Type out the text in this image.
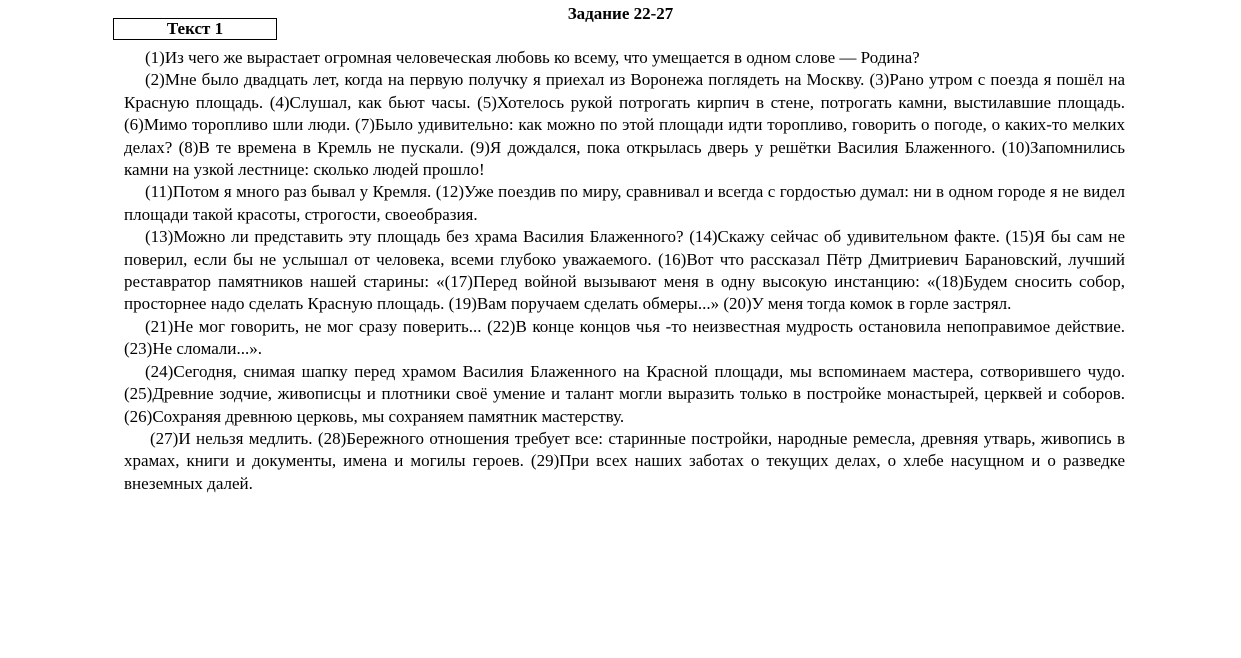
Задание 22-27
Текст 1

(1)Из чего же вырастает огромная человеческая любовь ко всему, что умещается в одном слове — Родина?

(2)Мне было двадцать лет, когда на первую получку я приехал из Воронежа поглядеть на Москву. (3)Рано утром с поезда я пошёл на Красную площадь. (4)Слушал, как бьют часы. (5)Хотелось рукой потрогать кирпич в стене, потрогать камни, выстилавшие площадь. (6)Мимо торопливо шли люди. (7)Было удивительно: как можно по этой площади идти торопливо, говорить о погоде, о каких-то мелких делах? (8)В те времена в Кремль не пускали. (9)Я дождался, пока открылась дверь у решётки Василия Блаженного. (10)Запомнились камни на узкой лестнице: сколько людей прошло!

(11)Потом я много раз бывал у Кремля. (12)Уже поездив по миру, сравнивал и всегда с гордостью думал: ни в одном городе я не видел площади такой красоты, строгости, своеобразия.

(13)Можно ли представить эту площадь без храма Василия Блаженного? (14)Скажу сейчас об удивительном факте. (15)Я бы сам не поверил, если бы не услышал от человека, всеми глубоко уважаемого. (16)Вот что рассказал Пётр Дмитриевич Барановский, лучший реставратор памятников нашей старины: «(17)Перед войной вызывают меня в одну высокую инстанцию: «(18)Будем сносить собор, просторнее надо сделать Красную площадь. (19)Вам поручаем сделать обмеры...» (20)У меня тогда комок в горле застрял.

(21)Не мог говорить, не мог сразу поверить... (22)В конце концов чья -то неизвестная мудрость остановила непоправимое действие. (23)Не сломали...».

(24)Сегодня, снимая шапку перед храмом Василия Блаженного на Красной площади, мы вспоминаем мастера, сотворившего чудо. (25)Древние зодчие, живописцы и плотники своё умение и талант могли выразить только в постройке монастырей, церквей и соборов. (26)Сохраняя древнюю церковь, мы сохраняем памятник мастерству.

(27)И нельзя медлить. (28)Бережного отношения требует все: старинные постройки, народные ремесла, древняя утварь, живопись в храмах, книги и документы, имена и могилы героев. (29)При всех наших заботах о текущих делах, о хлебе насущном и о разведке внеземных далей.
